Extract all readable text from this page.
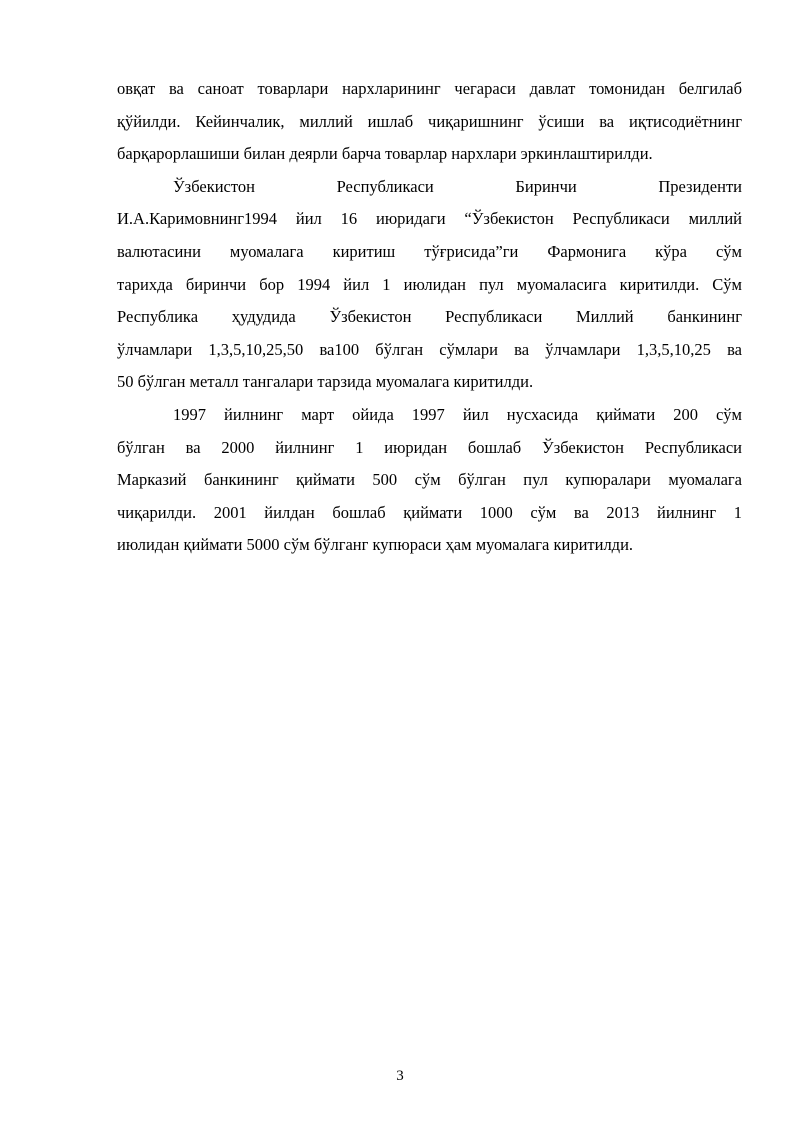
овқат ва саноат товарлари нархларининг чегараси давлат томонидан белгилаб
қўйилди. Кейинчалик, миллий ишлаб чиқаришнинг ўсиши ва иқтисодиётнинг
барқарорлашиши билан деярли барча товарлар нархлари эркинлаштирилди.
Ўзбекистон Республикаси Биринчи Президенти
И.А.Каримовнинг1994 йил 16 июридаги “Ўзбекистон Республикаси миллий
валютасини муомалага киритиш тўғрисида”ги Фармонига кўра сўм
тарихда биринчи бор 1994 йил 1 июлидан пул муомаласига киритилди. Сўм
Республика ҳудудида Ўзбекистон Республикаси Миллий банкининг
ўлчамлари 1,3,5,10,25,50 ва100 бўлган сўмлари ва ўлчамлари 1,3,5,10,25 ва
50 бўлган металл тангалари тарзида муомалага киритилди.
1997 йилнинг март ойида 1997 йил нусхасида қиймати 200 сўм
бўлган ва 2000 йилнинг 1 июридан бошлаб Ўзбекистон Республикаси
Марказий банкининг қиймати 500 сўм бўлган пул купюралари муомалага
чиқарилди. 2001 йилдан бошлаб қиймати 1000 сўм ва 2013 йилнинг 1
июлидан қиймати 5000 сўм бўлганг купюраси ҳам муомалага киритилди.
3
